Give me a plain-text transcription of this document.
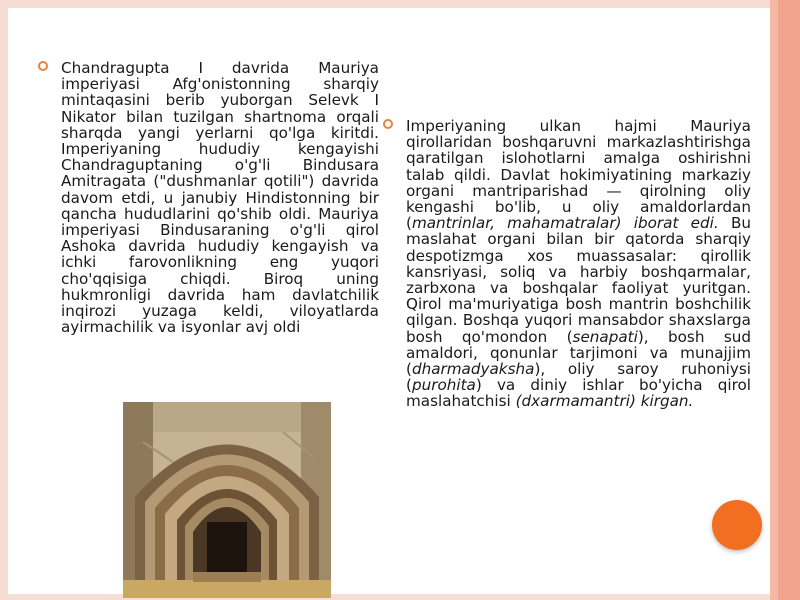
Chandragupta I davrida Mauriya imperiyasi Afg'onistonning sharqiy mintaqasini berib yuborgan Selevk I Nikator bilan tuzilgan shartnoma orqali sharqda yangi yerlarni qo'lga kiritdi. Imperiyaning hududiy kengayishi Chandraguptaning o'g'li Bindusara Amitragata ("dushmanlar qotili") davrida davom etdi, u janubiy Hindistonning bir qancha hududlarini qo'shib oldi. Mauriya imperiyasi Bindusaraning o'g'li qirol Ashoka davrida hududiy kengayish va ichki farovonlikning eng yuqori cho'qqisiga chiqdi. Biroq uning hukmronligi davrida ham davlatchilik inqirozi yuzaga keldi, viloyatlarda ayirmachilik va isyonlar avj oldi

Imperiyaning ulkan hajmi Mauriya qirollaridan boshqaruvni markazlashtirishga qaratilgan islohotlarni amalga oshirishni talab qildi. Davlat hokimiyatining markaziy organi mantriparishad — qirolning oliy kengashi bo'lib, u oliy amaldorlardan (mantrinlar, mahamatralar) iborat edi. Bu maslahat organi bilan bir qatorda sharqiy despotizmga xos muassasalar: qirollik kansriyasi, soliq va harbiy boshqarmalar, zarbxona va boshqalar faoliyat yuritgan. Qirol ma'muriyatiga bosh mantrin boshchilik qilgan. Boshqa yuqori mansabdor shaxslarga bosh qo'mondon (senapati), bosh sud amaldori, qonunlar tarjimoni va munajjim (dharmadyaksha), oliy saroy ruhoniysi (purohita) va diniy ishlar bo'yicha qirol maslahatchisi (dxarmamantri) kirgan.
